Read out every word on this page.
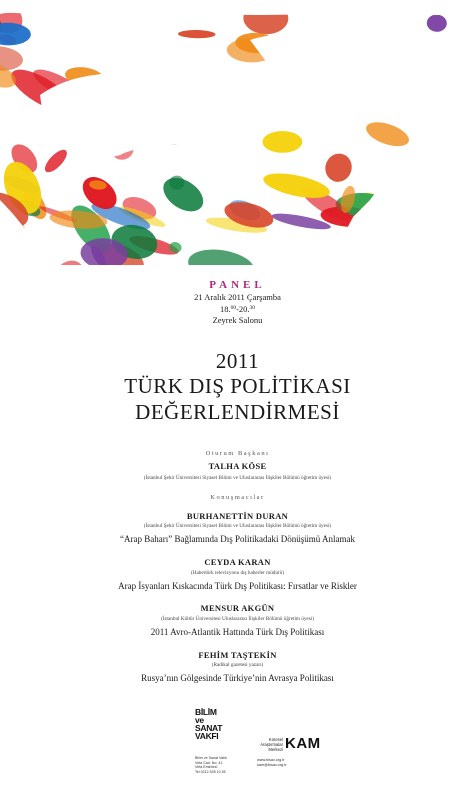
PANEL
21 Aralık 2011 Çarşamba
18.00-20.30
Zeyrek Salonu
2011
TÜRK DIŞ POLİTİKASI
DEĞERLENDİRMESİ
Oturum Başkanı
TALHA KÖSE
(İstanbul Şehir Üniversitesi Siyaset Bilimi ve Uluslararası İlişkiler Bölümü öğretim üyesi)
Konuşmacılar
BURHANETTİN DURAN
(İstanbul Şehir Üniversitesi Siyaset Bilimi ve Uluslararası İlişkiler Bölümü öğretim üyesi)
“Arap Baharı” Bağlamında Dış Politikadaki Dönüşümü Anlamak
CEYDA KARAN
(Habertürk televizyonu dış haberler müdürü)
Arap İsyanları Kıskacında Türk Dış Politikası: Fırsatlar ve Riskler
MENSUR AKGÜN
(İstanbul Kültür Üniversitesi Uluslararası İlişkiler Bölümü öğretim üyesi)
2011 Avro-Atlantik Hattında Türk Dış Politikası
FEHİM TAŞTEKİN
(Radikal gazetesi yazarı)
Rusya’nın Gölgesinde Türkiye’nin Avrasya Politikası
BİLİM
ve
SANAT
VAKFI
Bilim ve Sanat Vakfı
Vefa Cad. No: 41
Vefa Eminönü
Tel 0212 528 10 55
Küresel
Araştırmalar
Merkezi KAM
www.bisav.org.tr
kam@bisav.org.tr
